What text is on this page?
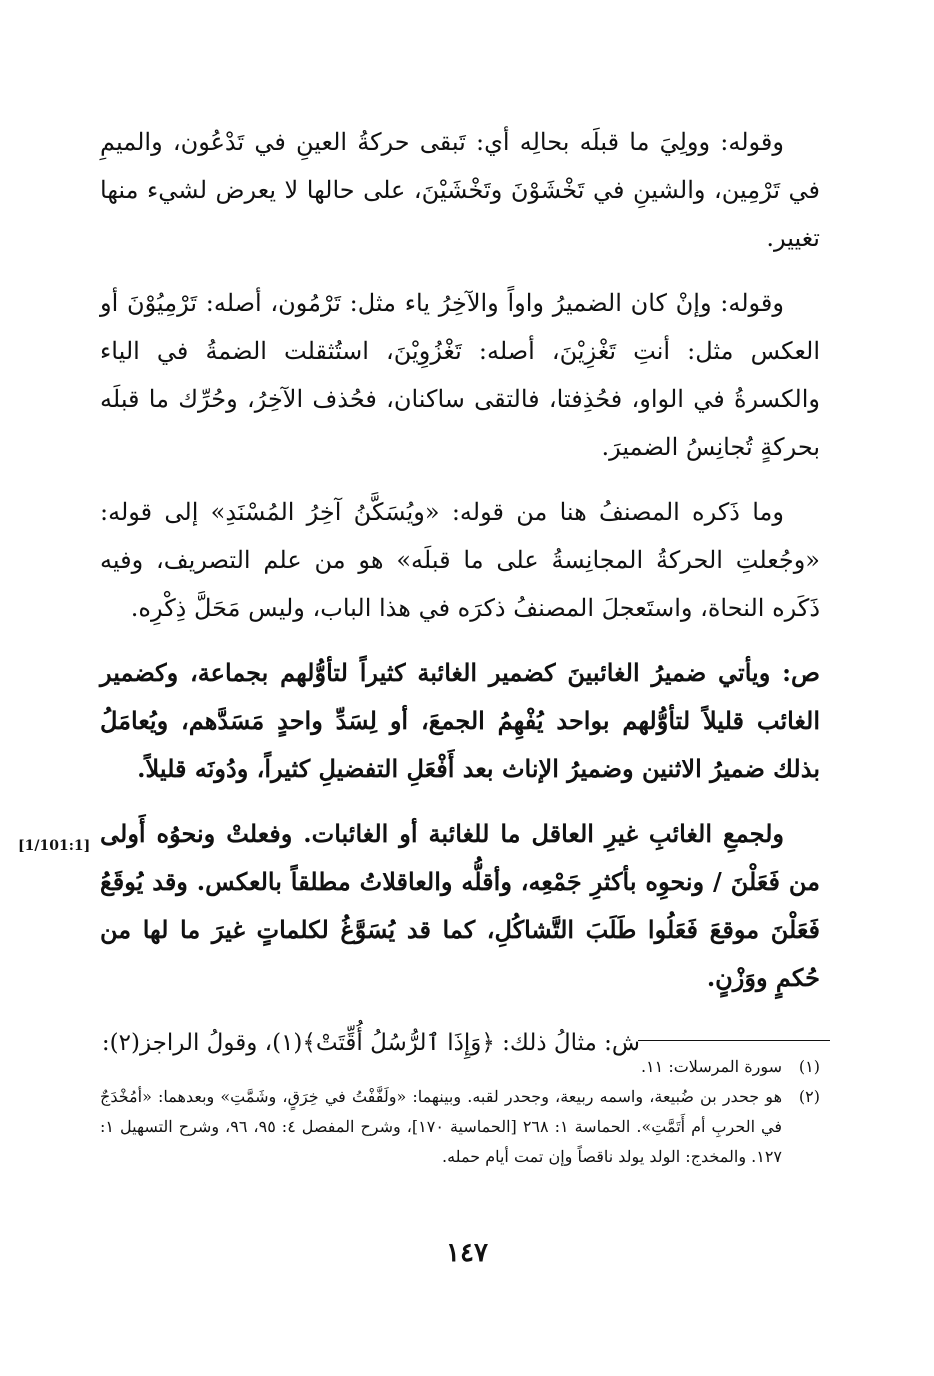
وقوله: وولِيَ ما قبلَه بحالِه أي: تَبقى حركةُ العينِ في تَدْعُون، والميمِ في تَرْمِين، والشينِ في تَخْشَوْنَ وتَخْشَيْنَ، على حالها لا يعرض لشيء منها تغيير.

وقوله: وإنْ كان الضميرُ واواً والآخِرُ ياء مثل: تَرْمُون، أصله: تَرْمِيُوْنَ أو العكس مثل: أنتِ تَغْزِيْنَ، أصله: تَغْزُوِيْنَ، استُثقلت الضمةُ في الياء والكسرةُ في الواو، فحُذِفتا، فالتقى ساكنان، فحُذف الآخِرُ، وحُرِّك ما قبلَه بحركةٍ تُجانِسُ الضميرَ.

وما ذَكره المصنفُ هنا من قوله: «ويُسَكَّنُ آخِرُ المُسْنَدِ» إلى قوله: «وجُعلتِ الحركةُ المجانِسةُ على ما قبلَه» هو من علم التصريف، وفيه ذَكَره النحاة، واستَعجلَ المصنفُ ذكرَه في هذا الباب، وليس مَحَلَّ ذِكْرِه.

ص: ويأتي ضميرُ الغائبينَ كضمير الغائبة كثيراً لتأوُّلهم بجماعة، وكضمير الغائب قليلاً لتأوُّلهم بواحد يُفْهِمُ الجمعَ، أو لِسَدِّ واحدٍ مَسَدَّهم، ويُعامَلُ بذلك ضميرُ الاثنين وضميرُ الإناث بعد أَفْعَلِ التفضيلِ كثيراً، ودُونَه قليلاً.

ولجمعِ الغائبِ غيرِ العاقل ما للغائبة أو الغائبات. وفعلتْ ونحوُه أَولى من فَعَلْنَ / ونحوِه بأكثرِ جَمْعِه، وأقلُّه والعاقلاتُ مطلقاً بالعكس. وقد يُوقَعُ فَعَلْنَ موقعَ فَعَلُوا طَلَبَ التَّشاكُلِ، كما قد يُسَوَّغُ لكلماتٍ غيرَ ما لها من حُكمٍ ووَزْنٍ.

ش: مثالُ ذلك: ﴿وَإِذَا ٱلرُّسُلُ أُقِّتَتْ﴾(١)، وقولُ الراجز(٢):

[1/101:1]
(١)
سورة المرسلات: ١١.
(٢)
هو جحدر بن ضُبيعة، واسمه ربيعة، وجحدر لقبه. وبينهما: «ولَفَّفْتُ في خِرَقٍ، وشَمَّتِ» وبعدهما: «أمُخْدَجٌ في الحربِ أم أَتَمَّتِ». الحماسة ١: ٢٦٨ [الحماسية ١٧٠]، وشرح المفصل ٤: ٩٥، ٩٦، وشرح التسهيل ١: ١٢٧. والمخدج: الولد يولد ناقصاً وإن تمت أيام حمله.
١٤٧
